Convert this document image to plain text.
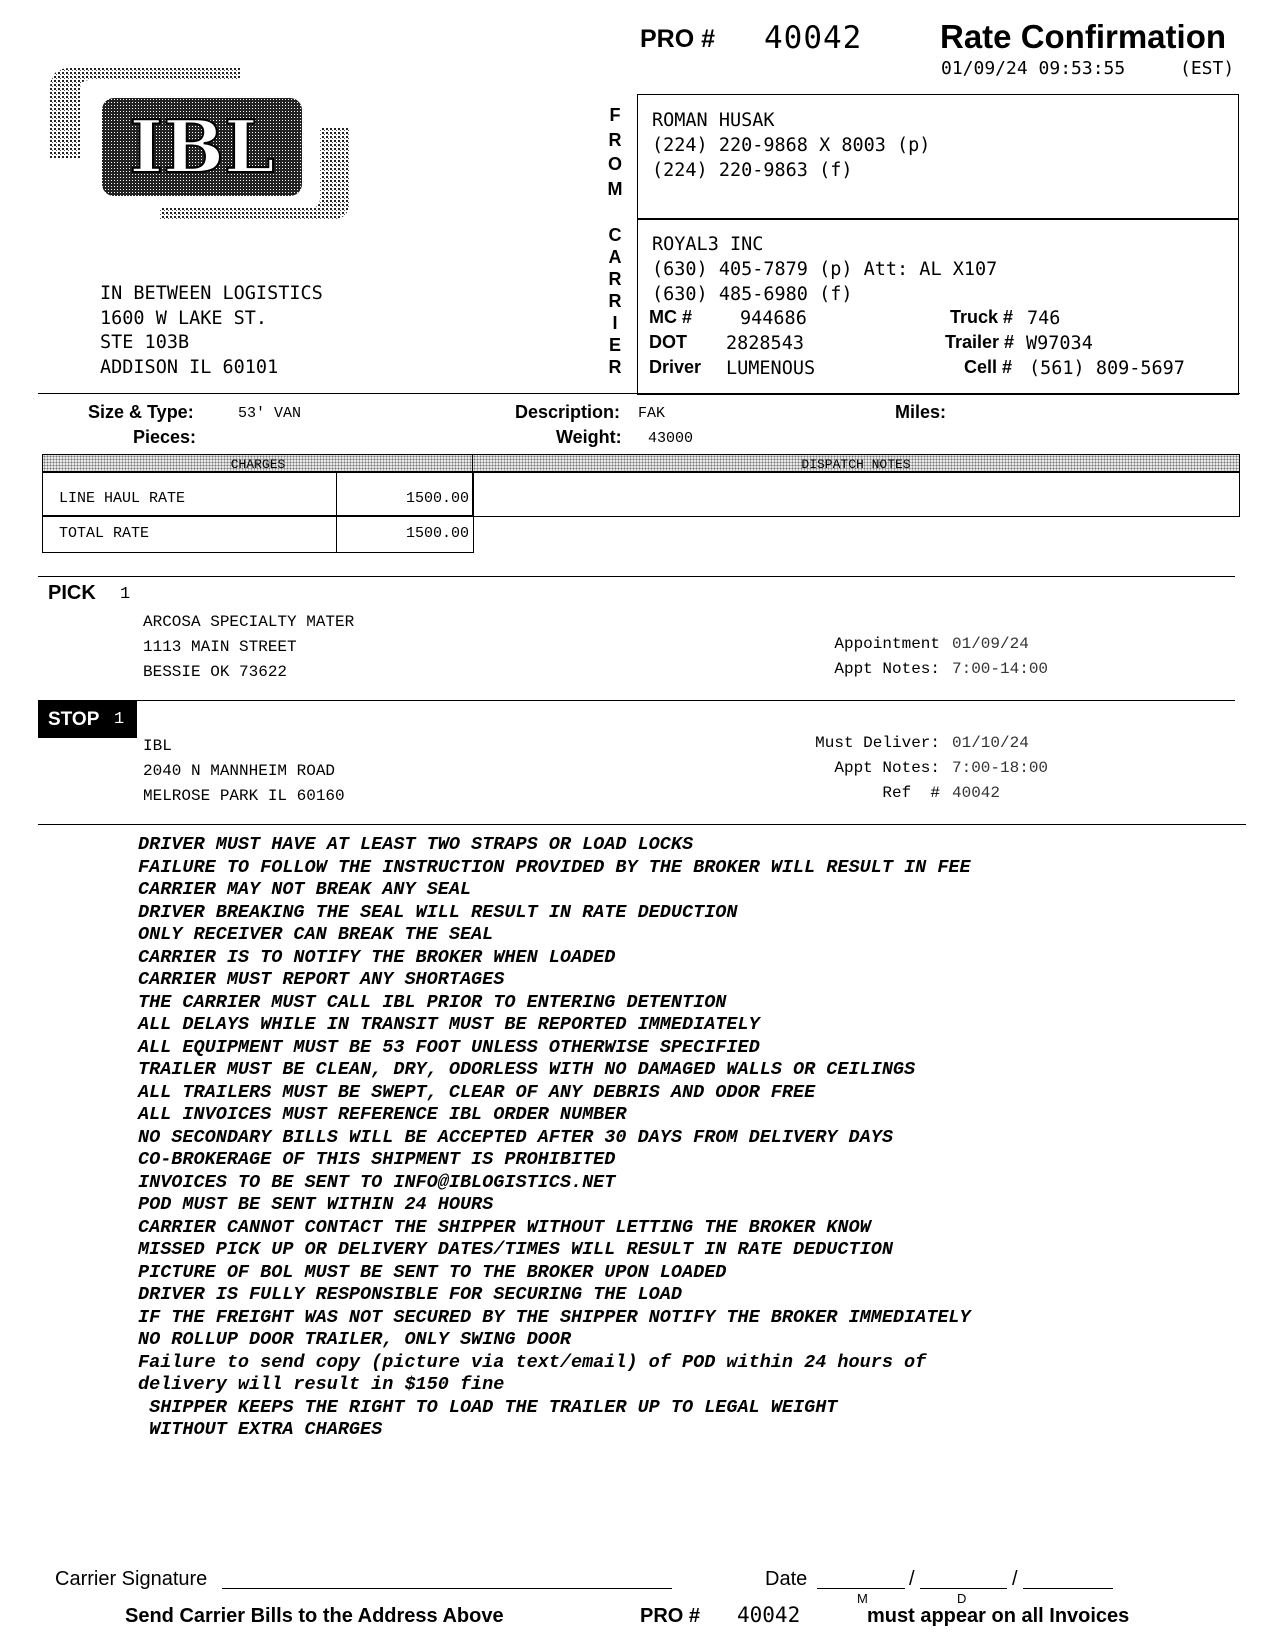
PRO # 40042 Rate Confirmation
01/09/24 09:53:55	(EST)
IBL
IN BETWEEN LOGISTICS
1600 W LAKE ST.
STE 103B
ADDISON IL 60101
F
R
O
M
C
A
R
R
I
E
R
ROMAN HUSAK
(224) 220-9868 X 8003 (p)
(224) 220-9863 (f)
ROYAL3 INC
(630) 405-7879 (p) Att: AL X107
(630) 485-6980 (f)
MC #	944686
DOT 2828543
Driver LUMENOUS
Truck # 746
Trailer # W97034
Cell # (561) 809-5697
Size & Type:	53' VAN
Pieces:
Description: FAK
Weight: 43000
Miles:
CHARGES
LINE HAUL RATE	1500.00
TOTAL RATE	1500.00
DISPATCH NOTES
PICK 1
ARCOSA SPECIALTY MATER
1113 MAIN STREET
BESSIE OK 73622
Appointment 01/09/24
Appt Notes: 7:00-14:00
STOP 1
IBL
2040 N MANNHEIM ROAD
MELROSE PARK IL 60160
Must Deliver: 01/10/24
Appt Notes: 7:00-18:00
Ref  # 40042
DRIVER MUST HAVE AT LEAST TWO STRAPS OR LOAD LOCKS
FAILURE TO FOLLOW THE INSTRUCTION PROVIDED BY THE BROKER WILL RESULT IN FEE
CARRIER MAY NOT BREAK ANY SEAL
DRIVER BREAKING THE SEAL WILL RESULT IN RATE DEDUCTION
ONLY RECEIVER CAN BREAK THE SEAL
CARRIER IS TO NOTIFY THE BROKER WHEN LOADED
CARRIER MUST REPORT ANY SHORTAGES
THE CARRIER MUST CALL IBL PRIOR TO ENTERING DETENTION
ALL DELAYS WHILE IN TRANSIT MUST BE REPORTED IMMEDIATELY
ALL EQUIPMENT MUST BE 53 FOOT UNLESS OTHERWISE SPECIFIED
TRAILER MUST BE CLEAN, DRY, ODORLESS WITH NO DAMAGED WALLS OR CEILINGS
ALL TRAILERS MUST BE SWEPT, CLEAR OF ANY DEBRIS AND ODOR FREE
ALL INVOICES MUST REFERENCE IBL ORDER NUMBER
NO SECONDARY BILLS WILL BE ACCEPTED AFTER 30 DAYS FROM DELIVERY DAYS
CO-BROKERAGE OF THIS SHIPMENT IS PROHIBITED
INVOICES TO BE SENT TO INFO@IBLOGISTICS.NET
POD MUST BE SENT WITHIN 24 HOURS
CARRIER CANNOT CONTACT THE SHIPPER WITHOUT LETTING THE BROKER KNOW
MISSED PICK UP OR DELIVERY DATES/TIMES WILL RESULT IN RATE DEDUCTION
PICTURE OF BOL MUST BE SENT TO THE BROKER UPON LOADED
DRIVER IS FULLY RESPONSIBLE FOR SECURING THE LOAD
IF THE FREIGHT WAS NOT SECURED BY THE SHIPPER NOTIFY THE BROKER IMMEDIATELY
NO ROLLUP DOOR TRAILER, ONLY SWING DOOR
Failure to send copy (picture via text/email) of POD within 24 hours of
delivery will result in $150 fine
SHIPPER KEEPS THE RIGHT TO LOAD THE TRAILER UP TO LEGAL WEIGHT
WITHOUT EXTRA CHARGES
Carrier Signature	Date	/	/
M	D
Send Carrier Bills to the Address Above	PRO # 40042	must appear on all Invoices
